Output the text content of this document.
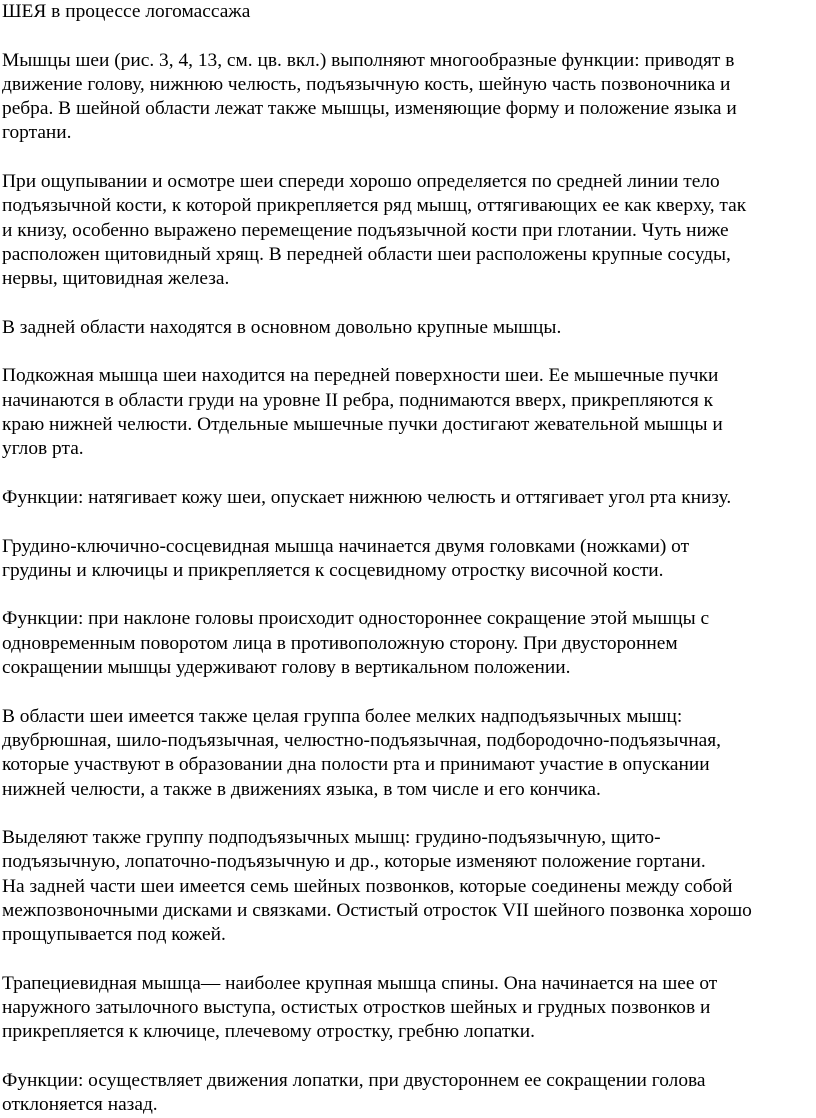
ШЕЯ в процессе логомассажа
Мышцы шеи (рис. 3, 4, 13, см. цв. вкл.) выполняют многообразные функции: приводят в
движение голову, нижнюю челюсть, подъязычную кость, шейную часть позвоночника и
ребра. В шейной области лежат также мышцы, изменяющие форму и положение языка и
гортани.
При ощупывании и осмотре шеи спереди хорошо определяется по средней линии тело
подъязычной кости, к которой прикрепляется ряд мышц, оттягивающих ее как кверху, так
и книзу, особенно выражено перемещение подъязычной кости при глотании. Чуть ниже
расположен щитовидный хрящ. В передней области шеи расположены крупные сосуды,
нервы, щитовидная железа.
В задней области находятся в основном довольно крупные мышцы.
Подкожная мышца шеи находится на передней поверхности шеи. Ее мышечные пучки
начинаются в области груди на уровне II ребра, поднимаются вверх, прикрепляются к
краю нижней челюсти. Отдельные мышечные пучки достигают жевательной мышцы и
углов рта.
Функции: натягивает кожу шеи, опускает нижнюю челюсть и оттягивает угол рта книзу.
Грудино-ключично-сосцевидная мышца начинается двумя головками (ножками) от
грудины и ключицы и прикрепляется к сосцевидному отростку височной кости.
Функции: при наклоне головы происходит одностороннее сокращение этой мышцы с
одновременным поворотом лица в противоположную сторону. При двустороннем
сокращении мышцы удерживают голову в вертикальном положении.
В области шеи имеется также целая группа более мелких надподъязычных мышц:
двубрюшная, шило-подъязычная, челюстно-подъязычная, подбородочно-подъязычная,
которые участвуют в образовании дна полости рта и принимают участие в опускании
нижней челюсти, а также в движениях языка, в том числе и его кончика.
Выделяют также группу подподъязычных мышц: грудино-подъязычную, щито-
подъязычную, лопаточно-подъязычную и др., которые изменяют положение гортани.
На задней части шеи имеется семь шейных позвонков, которые соединены между собой
межпозвоночными дисками и связками. Остистый отросток VII шейного позвонка хорошо
прощупывается под кожей.
Трапециевидная мышца— наиболее крупная мышца спины. Она начинается на шее от
наружного затылочного выступа, остистых отростков шейных и грудных позвонков и
прикрепляется к ключице, плечевому отростку, гребню лопатки.
Функции: осуществляет движения лопатки, при двустороннем ее сокращении голова
отклоняется назад.
